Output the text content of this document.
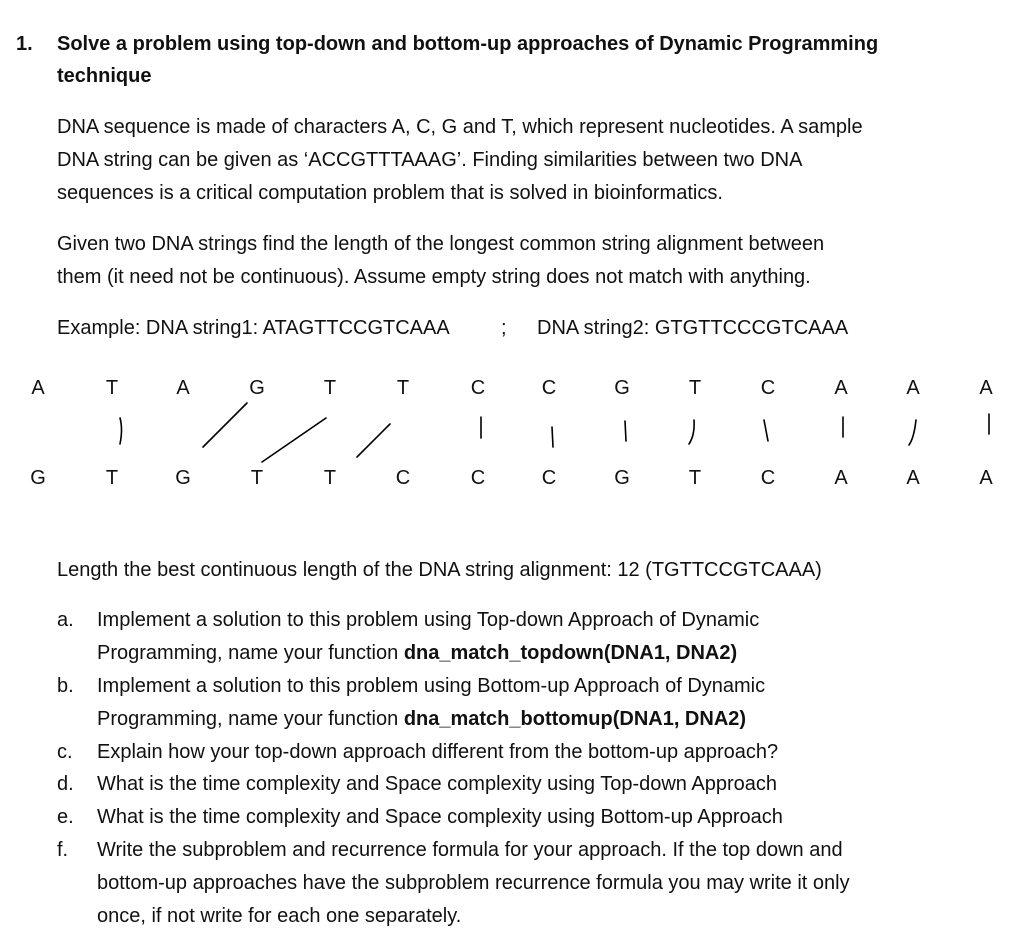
1. Solve a problem using top-down and bottom-up approaches of Dynamic Programming
technique
DNA sequence is made of characters A, C, G and T, which represent nucleotides. A sample
DNA string can be given as ‘ACCGTTTAAAG’. Finding similarities between two DNA
sequences is a critical computation problem that is solved in bioinformatics.
Given two DNA strings find the length of the longest common string alignment between
them (it need not be continuous). Assume empty string does not match with anything.
Example: DNA string1: ATAGTTCCGTCAAA	; DNA string2: GTGTTCCCGTCAAA
A	T	A	G	T	T	C	C	G	T	C	A	A	A
G	T	G	T	T	C	C	C	G	T	C	A	A	A
Length the best continuous length of the DNA string alignment: 12 (TGTTCCGTCAAA)
a. Implement a solution to this problem using Top-down Approach of Dynamic
Programming, name your function dna_match_topdown(DNA1, DNA2)
b. Implement a solution to this problem using Bottom-up Approach of Dynamic
Programming, name your function dna_match_bottomup(DNA1, DNA2)
c. Explain how your top-down approach different from the bottom-up approach?
d. What is the time complexity and Space complexity using Top-down Approach
e. What is the time complexity and Space complexity using Bottom-up Approach
f. Write the subproblem and recurrence formula for your approach. If the top down and
bottom-up approaches have the subproblem recurrence formula you may write it only
once, if not write for each one separately.
